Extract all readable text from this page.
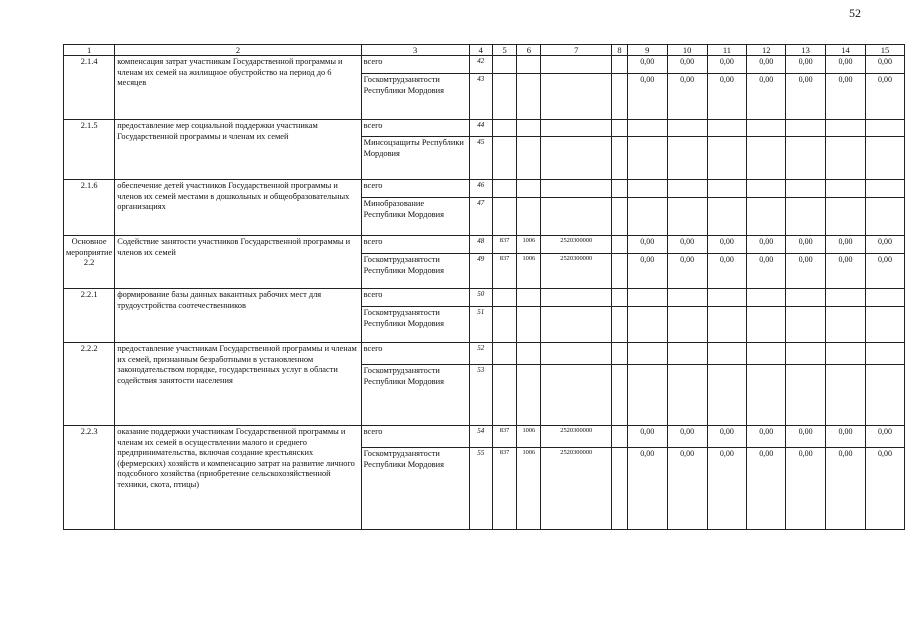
52
1	2	3	4	5	6	7	8	9	10	11	12	13	14	15
2.1.4	компенсация затрат участникам Государственной программы и членам их семей на жилищное обустройство на период до 6 месяцев	всего	42					0,00	0,00	0,00	0,00	0,00	0,00	0,00
		Госкомтрудзанятости Республики Мордовия	43					0,00	0,00	0,00	0,00	0,00	0,00	0,00
2.1.5	предоставление мер социальной поддержки участникам Государственной программы и членам их семей	всего	44											
		Минсоцзащиты Республики Мордовия	45											
2.1.6	обеспечение детей участников Государственной программы и членов их семей местами в дошкольных и общеобразовательных организациях	всего	46											
		Минобразование Республики Мордовия	47											
Основное мероприятие 2.2	Содействие занятости участников Государственной программы и членов их семей	всего	48	837	1006	2520300000		0,00	0,00	0,00	0,00	0,00	0,00	0,00
		Госкомтрудзанятости Республики Мордовия	49	837	1006	2520300000		0,00	0,00	0,00	0,00	0,00	0,00	0,00
2.2.1	формирование базы данных вакантных рабочих мест для трудоустройства соотечественников	всего	50											
		Госкомтрудзанятости Республики Мордовия	51											
2.2.2	предоставление участникам Государственной программы и членам их семей, признанным безработными в установленном законодательством порядке, государственных услуг в области содействия занятости населения	всего	52											
		Госкомтрудзанятости Республики Мордовия	53											
2.2.3	оказание поддержки участникам Государственной программы и членам их семей в осуществлении малого и среднего предпринимательства, включая создание крестьянских (фермерских) хозяйств и компенсацию затрат на развитие личного подсобного хозяйства (приобретение сельскохозяйственной техники, скота, птицы)	всего	54	837	1006	2520300000		0,00	0,00	0,00	0,00	0,00	0,00	0,00
		Госкомтрудзанятости Республики Мордовия	55	837	1006	2520300000		0,00	0,00	0,00	0,00	0,00	0,00	0,00
